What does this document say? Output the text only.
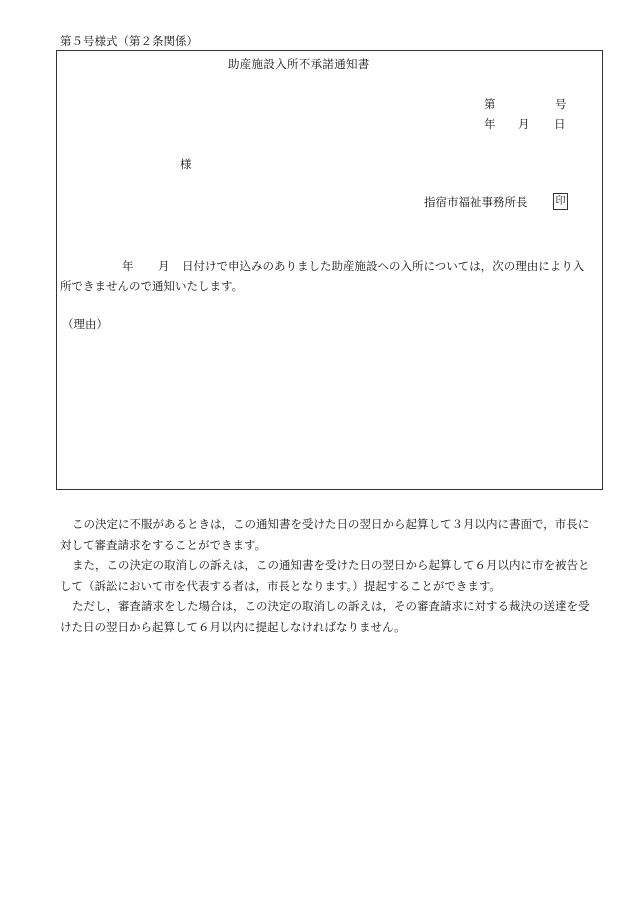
第５号様式（第２条関係）
助産施設入所不承諾通知書
第	号
年 月 日
様
指宿市福祉事務所長	印
年 月 日付けで申込みのありました助産施設への入所については，次の理由により入
所できませんので通知いたします。
（理由）
この決定に不服があるときは，この通知書を受けた日の翌日から起算して３月以内に書面で，市長に
対して審査請求をすることができます。
また，この決定の取消しの訴えは，この通知書を受けた日の翌日から起算して６月以内に市を被告と
して（訴訟において市を代表する者は，市長となります。）提起することができます。
ただし，審査請求をした場合は，この決定の取消しの訴えは，その審査請求に対する裁決の送達を受
けた日の翌日から起算して６月以内に提起しなければなりません。
